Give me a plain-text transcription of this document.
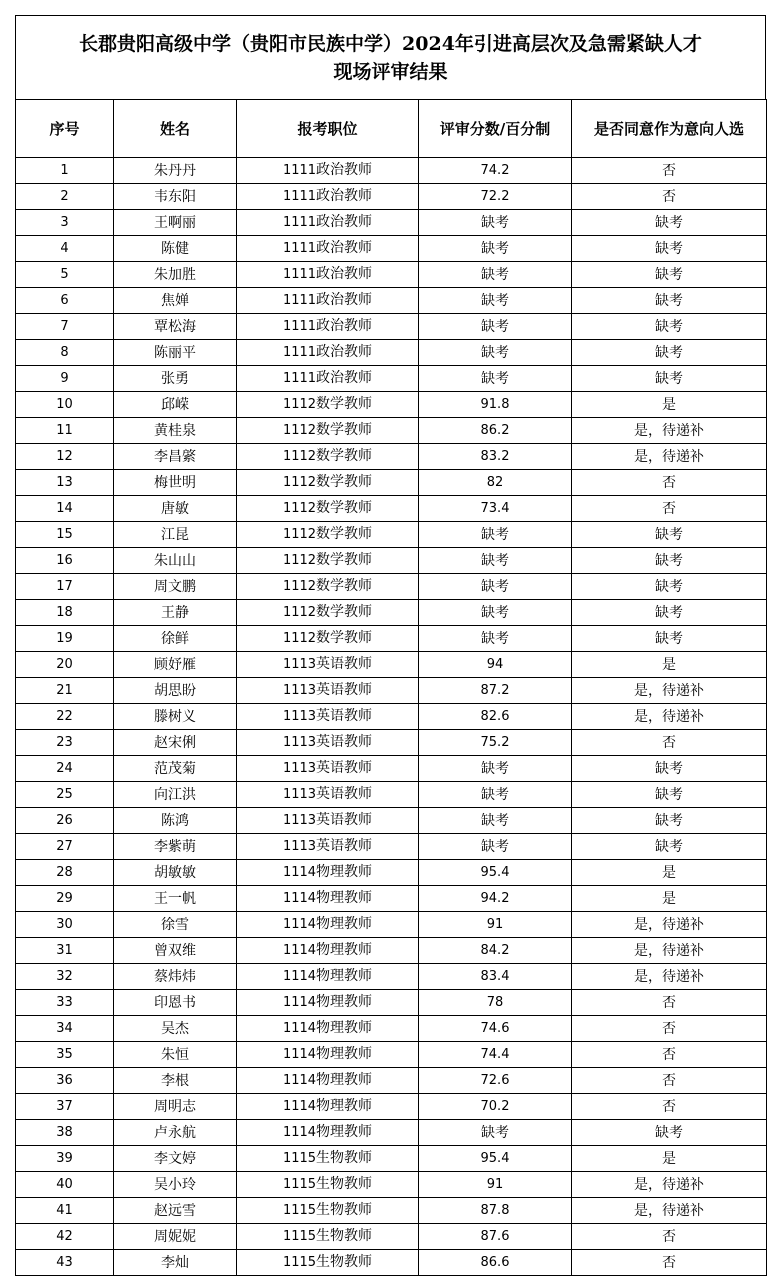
长郡贵阳高级中学（贵阳市民族中学）2024年引进高层次及急需紧缺人才
现场评审结果
序号	姓名	报考职位	评审分数/百分制	是否同意作为意向人选
1	朱丹丹	1111政治教师	74.2	否
2	韦东阳	1111政治教师	72.2	否
3	王啊丽	1111政治教师	缺考	缺考
4	陈健	1111政治教师	缺考	缺考
5	朱加胜	1111政治教师	缺考	缺考
6	焦婵	1111政治教师	缺考	缺考
7	覃松海	1111政治教师	缺考	缺考
8	陈丽平	1111政治教师	缺考	缺考
9	张勇	1111政治教师	缺考	缺考
10	邱嵘	1112数学教师	91.8	是
11	黄桂泉	1112数学教师	86.2	是，待递补
12	李昌綮	1112数学教师	83.2	是，待递补
13	梅世明	1112数学教师	82	否
14	唐敏	1112数学教师	73.4	否
15	江昆	1112数学教师	缺考	缺考
16	朱山山	1112数学教师	缺考	缺考
17	周文鹏	1112数学教师	缺考	缺考
18	王静	1112数学教师	缺考	缺考
19	徐鲜	1112数学教师	缺考	缺考
20	顾妤雁	1113英语教师	94	是
21	胡思盼	1113英语教师	87.2	是，待递补
22	滕树义	1113英语教师	82.6	是，待递补
23	赵宋俐	1113英语教师	75.2	否
24	范茂菊	1113英语教师	缺考	缺考
25	向江洪	1113英语教师	缺考	缺考
26	陈鸿	1113英语教师	缺考	缺考
27	李紫萌	1113英语教师	缺考	缺考
28	胡敏敏	1114物理教师	95.4	是
29	王一帆	1114物理教师	94.2	是
30	徐雪	1114物理教师	91	是，待递补
31	曾双维	1114物理教师	84.2	是，待递补
32	蔡炜炜	1114物理教师	83.4	是，待递补
33	印恩书	1114物理教师	78	否
34	吴杰	1114物理教师	74.6	否
35	朱恒	1114物理教师	74.4	否
36	李根	1114物理教师	72.6	否
37	周明志	1114物理教师	70.2	否
38	卢永航	1114物理教师	缺考	缺考
39	李文婷	1115生物教师	95.4	是
40	吴小玲	1115生物教师	91	是，待递补
41	赵远雪	1115生物教师	87.8	是，待递补
42	周妮妮	1115生物教师	87.6	否
43	李灿	1115生物教师	86.6	否
